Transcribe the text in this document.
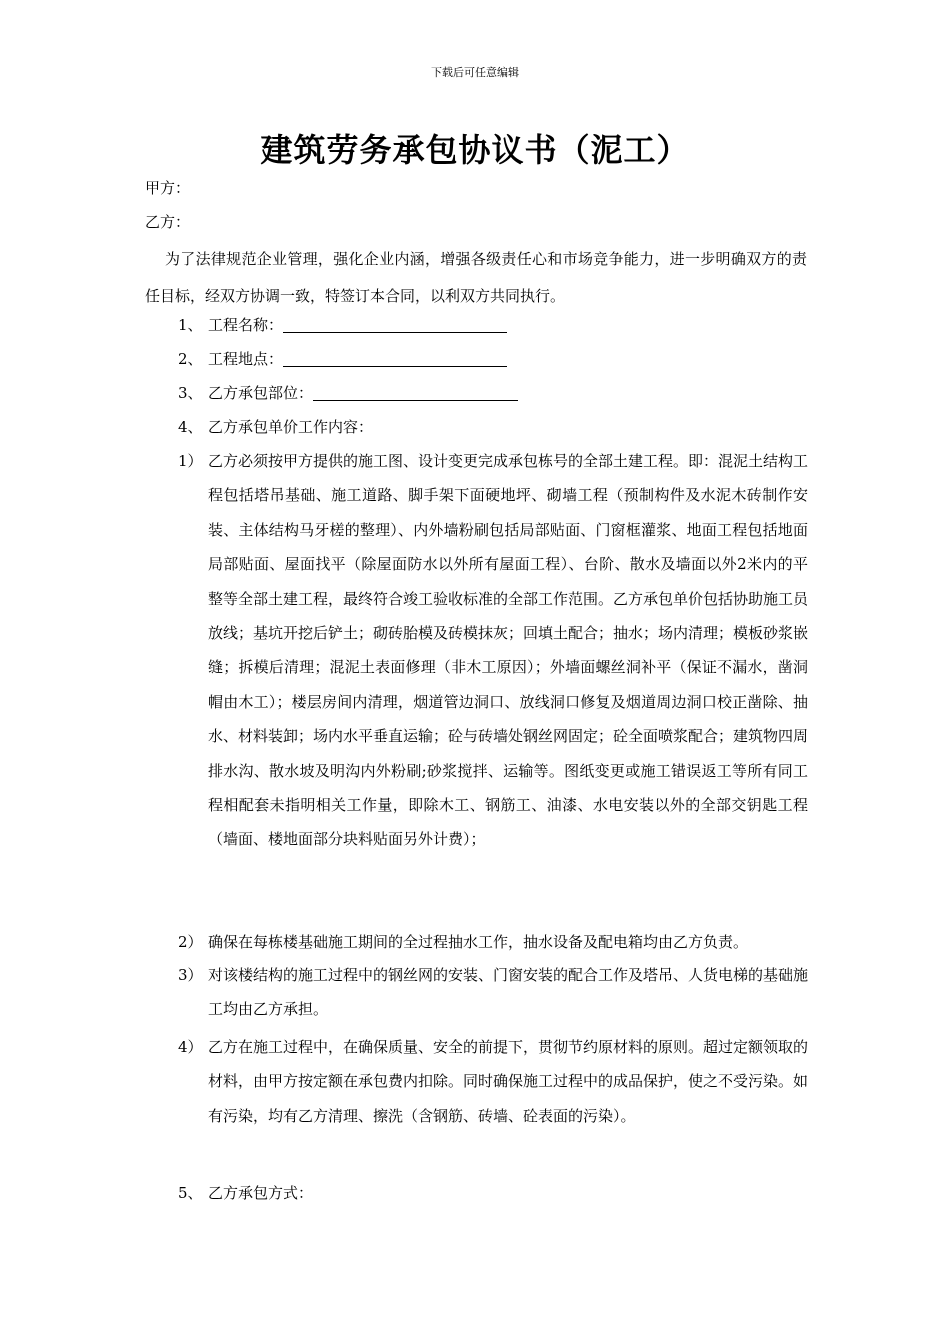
下载后可任意编辑
建筑劳务承包协议书（泥工）
甲方：
乙方：
为了法律规范企业管理，强化企业内涵，增强各级责任心和市场竞争能力，进一步明确双方的责任目标，经双方协调一致，特签订本合同，以利双方共同执行。
1、 工程名称：
2、 工程地点：
3、 乙方承包部位：
4、 乙方承包单价工作内容：
1） 乙方必须按甲方提供的施工图、设计变更完成承包栋号的全部土建工程。即：混泥土结构工程包括塔吊基础、施工道路、脚手架下面硬地坪、砌墙工程（预制构件及水泥木砖制作安装、主体结构马牙槎的整理）、内外墙粉刷包括局部贴面、门窗框灌浆、地面工程包括地面局部贴面、屋面找平（除屋面防水以外所有屋面工程）、台阶、散水及墙面以外2米内的平整等全部土建工程，最终符合竣工验收标准的全部工作范围。乙方承包单价包括协助施工员放线；基坑开挖后铲土；砌砖胎模及砖模抹灰；回填土配合；抽水；场内清理；模板砂浆嵌缝；拆模后清理；混泥土表面修理（非木工原因）；外墙面螺丝洞补平（保证不漏水，凿洞帽由木工）；楼层房间内清理，烟道管边洞口、放线洞口修复及烟道周边洞口校正凿除、抽水、材料装卸；场内水平垂直运输；砼与砖墙处钢丝网固定；砼全面喷浆配合；建筑物四周排水沟、散水坡及明沟内外粉刷;砂浆搅拌、运输等。图纸变更或施工错误返工等所有同工程相配套未指明相关工作量，即除木工、钢筋工、油漆、水电安装以外的全部交钥匙工程（墙面、楼地面部分块料贴面另外计费）；
2） 确保在每栋楼基础施工期间的全过程抽水工作，抽水设备及配电箱均由乙方负责。
3） 对该楼结构的施工过程中的钢丝网的安装、门窗安装的配合工作及塔吊、人货电梯的基础施工均由乙方承担。
4） 乙方在施工过程中，在确保质量、安全的前提下，贯彻节约原材料的原则。超过定额领取的材料，由甲方按定额在承包费内扣除。同时确保施工过程中的成品保护，使之不受污染。如有污染，均有乙方清理、擦洗（含钢筋、砖墙、砼表面的污染）。
5、 乙方承包方式：
